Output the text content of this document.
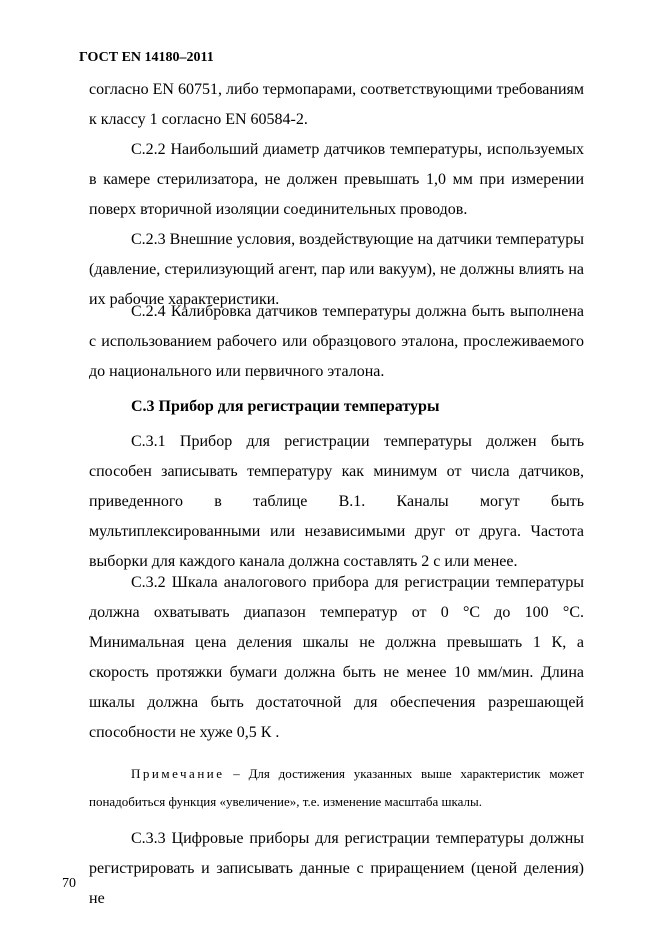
ГОСТ EN 14180–2011

согласно EN 60751, либо термопарами, соответствующими требованиям к классу 1 согласно EN 60584-2.

С.2.2 Наибольший диаметр датчиков температуры, используемых в камере стерилизатора, не должен превышать 1,0 мм при измерении поверх вторичной изоляции соединительных проводов.

С.2.3 Внешние условия, воздействующие на датчики температуры (давление, стерилизующий агент, пар или вакуум), не должны влиять на их рабочие характеристики.

С.2.4 Калибровка датчиков температуры должна быть выполнена с использованием рабочего или образцового эталона, прослеживаемого до национального или первичного эталона.

С.3 Прибор для регистрации температуры

С.3.1 Прибор для регистрации температуры должен быть способен записывать температуру как минимум от числа датчиков, приведенного в таблице В.1. Каналы могут быть мультиплексированными или независимыми друг от друга. Частота выборки для каждого канала должна составлять 2 с или менее.

С.3.2 Шкала аналогового прибора для регистрации температуры должна охватывать диапазон температур от 0 °С до 100 °С. Минимальная цена деления шкалы не должна превышать 1 К, а скорость протяжки бумаги должна быть не менее 10 мм/мин. Длина шкалы должна быть достаточной для обеспечения разрешающей способности не хуже 0,5 К .

Примечание – Для достижения указанных выше характеристик может понадобиться функция «увеличение», т.е. изменение масштаба шкалы.

С.3.3 Цифровые приборы для регистрации температуры должны регистрировать и записывать данные с приращением (ценой деления) не

70
